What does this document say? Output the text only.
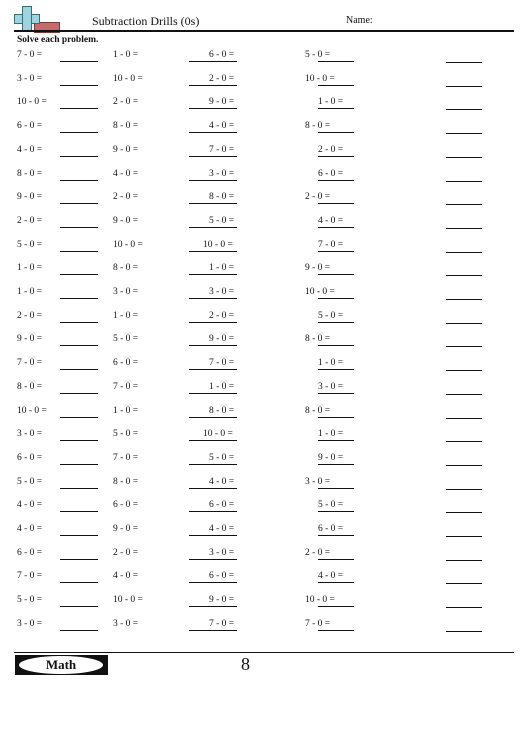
Subtraction Drills (0s)	Name:
Solve each problem.
7 - 0 =	1 - 0 =	6 - 0 =	5 - 0 =
3 - 0 =	10 - 0 =	2 - 0 =	10 - 0 =
10 - 0 =	2 - 0 =	9 - 0 =	1 - 0 =
6 - 0 =	8 - 0 =	4 - 0 =	8 - 0 =
4 - 0 =	9 - 0 =	7 - 0 =	2 - 0 =
8 - 0 =	4 - 0 =	3 - 0 =	6 - 0 =
9 - 0 =	2 - 0 =	8 - 0 =	2 - 0 =
2 - 0 =	9 - 0 =	5 - 0 =	4 - 0 =
5 - 0 =	10 - 0 =	10 - 0 =	7 - 0 =
1 - 0 =	8 - 0 =	1 - 0 =	9 - 0 =
1 - 0 =	3 - 0 =	3 - 0 =	10 - 0 =
2 - 0 =	1 - 0 =	2 - 0 =	5 - 0 =
9 - 0 =	5 - 0 =	9 - 0 =	8 - 0 =
7 - 0 =	6 - 0 =	7 - 0 =	1 - 0 =
8 - 0 =	7 - 0 =	1 - 0 =	3 - 0 =
10 - 0 =	1 - 0 =	8 - 0 =	8 - 0 =
3 - 0 =	5 - 0 =	10 - 0 =	1 - 0 =
6 - 0 =	7 - 0 =	5 - 0 =	9 - 0 =
5 - 0 =	8 - 0 =	4 - 0 =	3 - 0 =
4 - 0 =	6 - 0 =	6 - 0 =	5 - 0 =
4 - 0 =	9 - 0 =	4 - 0 =	6 - 0 =
6 - 0 =	2 - 0 =	3 - 0 =	2 - 0 =
7 - 0 =	4 - 0 =	6 - 0 =	4 - 0 =
5 - 0 =	10 - 0 =	9 - 0 =	10 - 0 =
3 - 0 =	3 - 0 =	7 - 0 =	7 - 0 =
Math	8
